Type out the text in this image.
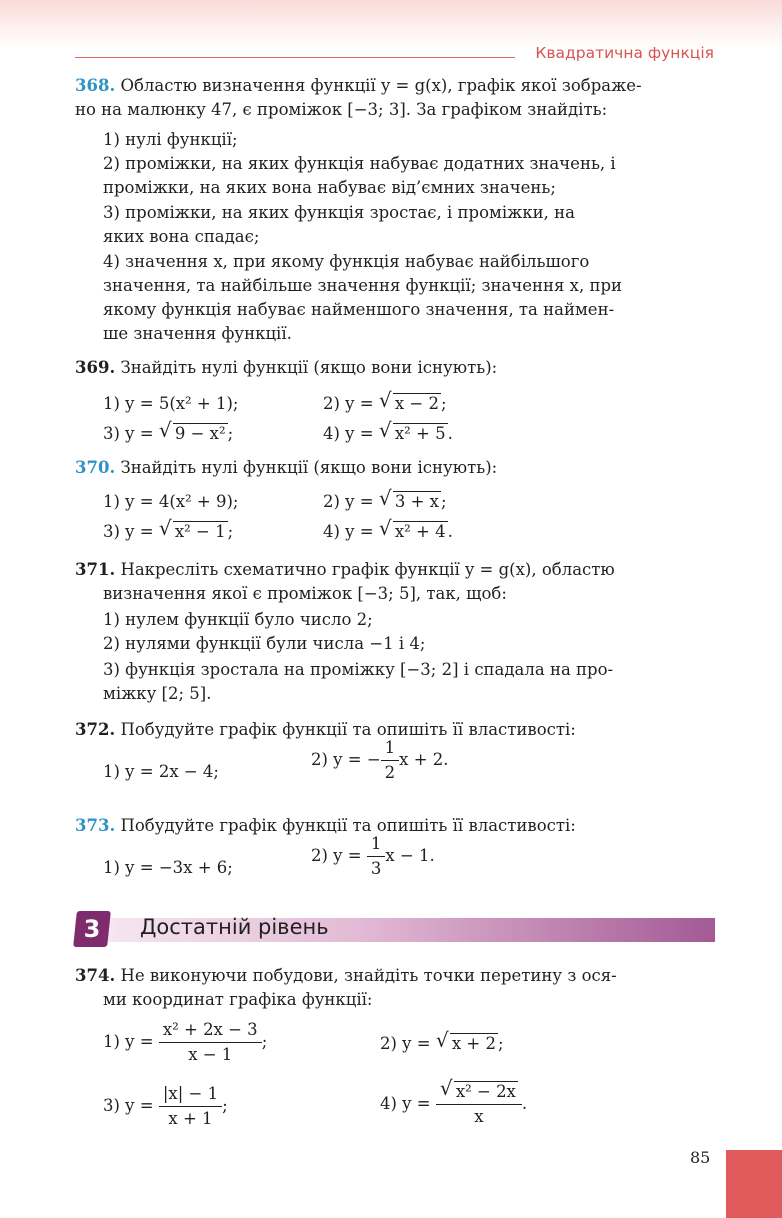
Квадратична функція
368. Областю визначення функції y = g(x), графік якої зображе-
но на малюнку 47, є проміжок [−3; 3]. За графіком знайдіть:
1) нулі функції;
2) проміжки, на яких функція набуває додатних значень, і
проміжки, на яких вона набуває від’ємних значень;
3) проміжки, на яких функція зростає, і проміжки, на
яких вона спадає;
4) значення x, при якому функція набуває найбільшого
значення, та найбільше значення функції; значення x, при
якому функція набуває найменшого значення, та наймен-
ше значення функції.
369. Знайдіть нулі функції (якщо вони існують):
1) y = 5(x² + 1);	2) y = √ x − 2 ;
3) y = √ 9 − x² ;	4) y = √ x² + 5 .
370. Знайдіть нулі функції (якщо вони існують):
1) y = 4(x² + 9);	2) y = √ 3 + x ;
3) y = √ x² − 1 ;	4) y = √ x² + 4 .
371. Накресліть схематично графік функції y = g(x), областю
визначення якої є проміжок [−3; 5], так, щоб:
1) нулем функції було число 2;
2) нулями функції були числа −1 і 4;
3) функція зростала на проміжку [−3; 2] і спадала на про-
міжку [2; 5].
372. Побудуйте графік функції та опишіть її властивості:
1) y = 2x − 4;
2) y = − $\frac{1}{2}$ x + 2.
373. Побудуйте графік функції та опишіть її властивості:
1) y = −3x + 6;
2) $y = \frac{1}{3}$ x − 1.
3	Достатній рівень
374. Не виконуючи побудови, знайдіть точки перетину з ося-
ми координат графіка функції:
1) $y = \frac{\text{x² + 2x − 3}}{x - 1}$ ;	2) y = √ x + 2 ;
3) $y = \frac{|x| - 1}{x + 1}$ ;	4) $y = \frac{\text{√ x² − 2x}}{x}$ .
85
